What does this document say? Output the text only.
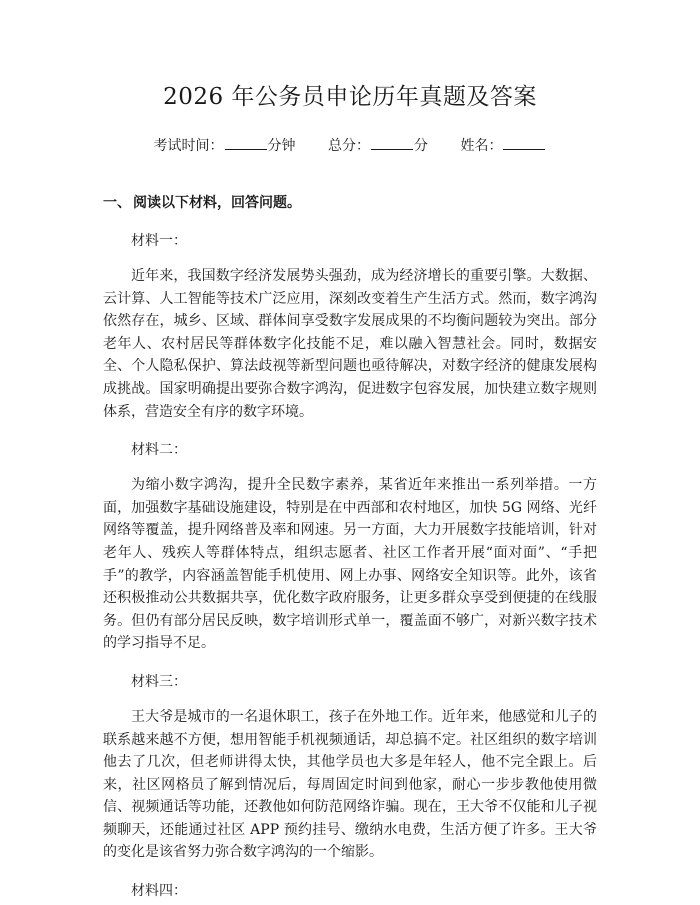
2026 年公务员申论历年真题及答案
考试时间：	分钟 总分：	分 姓名：
一、 阅读以下材料，回答问题。
材料一：
近年来，我国数字经济发展势头强劲，成为经济增长的重要引擎。大数据、云计算、人工智能等技术广泛应用，深刻改变着生产生活方式。然而，数字鸿沟依然存在，城乡、区域、群体间享受数字发展成果的不均衡问题较为突出。部分老年人、农村居民等群体数字化技能不足，难以融入智慧社会。同时，数据安全、个人隐私保护、算法歧视等新型问题也亟待解决，对数字经济的健康发展构成挑战。国家明确提出要弥合数字鸿沟，促进数字包容发展，加快建立数字规则体系，营造安全有序的数字环境。
材料二：
为缩小数字鸿沟，提升全民数字素养，某省近年来推出一系列举措。一方面，加强数字基础设施建设，特别是在中西部和农村地区，加快 5G 网络、光纤网络等覆盖，提升网络普及率和网速。另一方面，大力开展数字技能培训，针对老年人、残疾人等群体特点，组织志愿者、社区工作者开展“面对面”、“手把手”的教学，内容涵盖智能手机使用、网上办事、网络安全知识等。此外，该省还积极推动公共数据共享，优化数字政府服务，让更多群众享受到便捷的在线服务。但仍有部分居民反映，数字培训形式单一，覆盖面不够广，对新兴数字技术的学习指导不足。
材料三：
王大爷是城市的一名退休职工，孩子在外地工作。近年来，他感觉和儿子的联系越来越不方便，想用智能手机视频通话，却总搞不定。社区组织的数字培训他去了几次，但老师讲得太快，其他学员也大多是年轻人，他不完全跟上。后来，社区网格员了解到情况后，每周固定时间到他家，耐心一步步教他使用微信、视频通话等功能，还教他如何防范网络诈骗。现在，王大爷不仅能和儿子视频聊天，还能通过社区 APP 预约挂号、缴纳水电费，生活方便了许多。王大爷的变化是该省努力弥合数字鸿沟的一个缩影。
材料四：
